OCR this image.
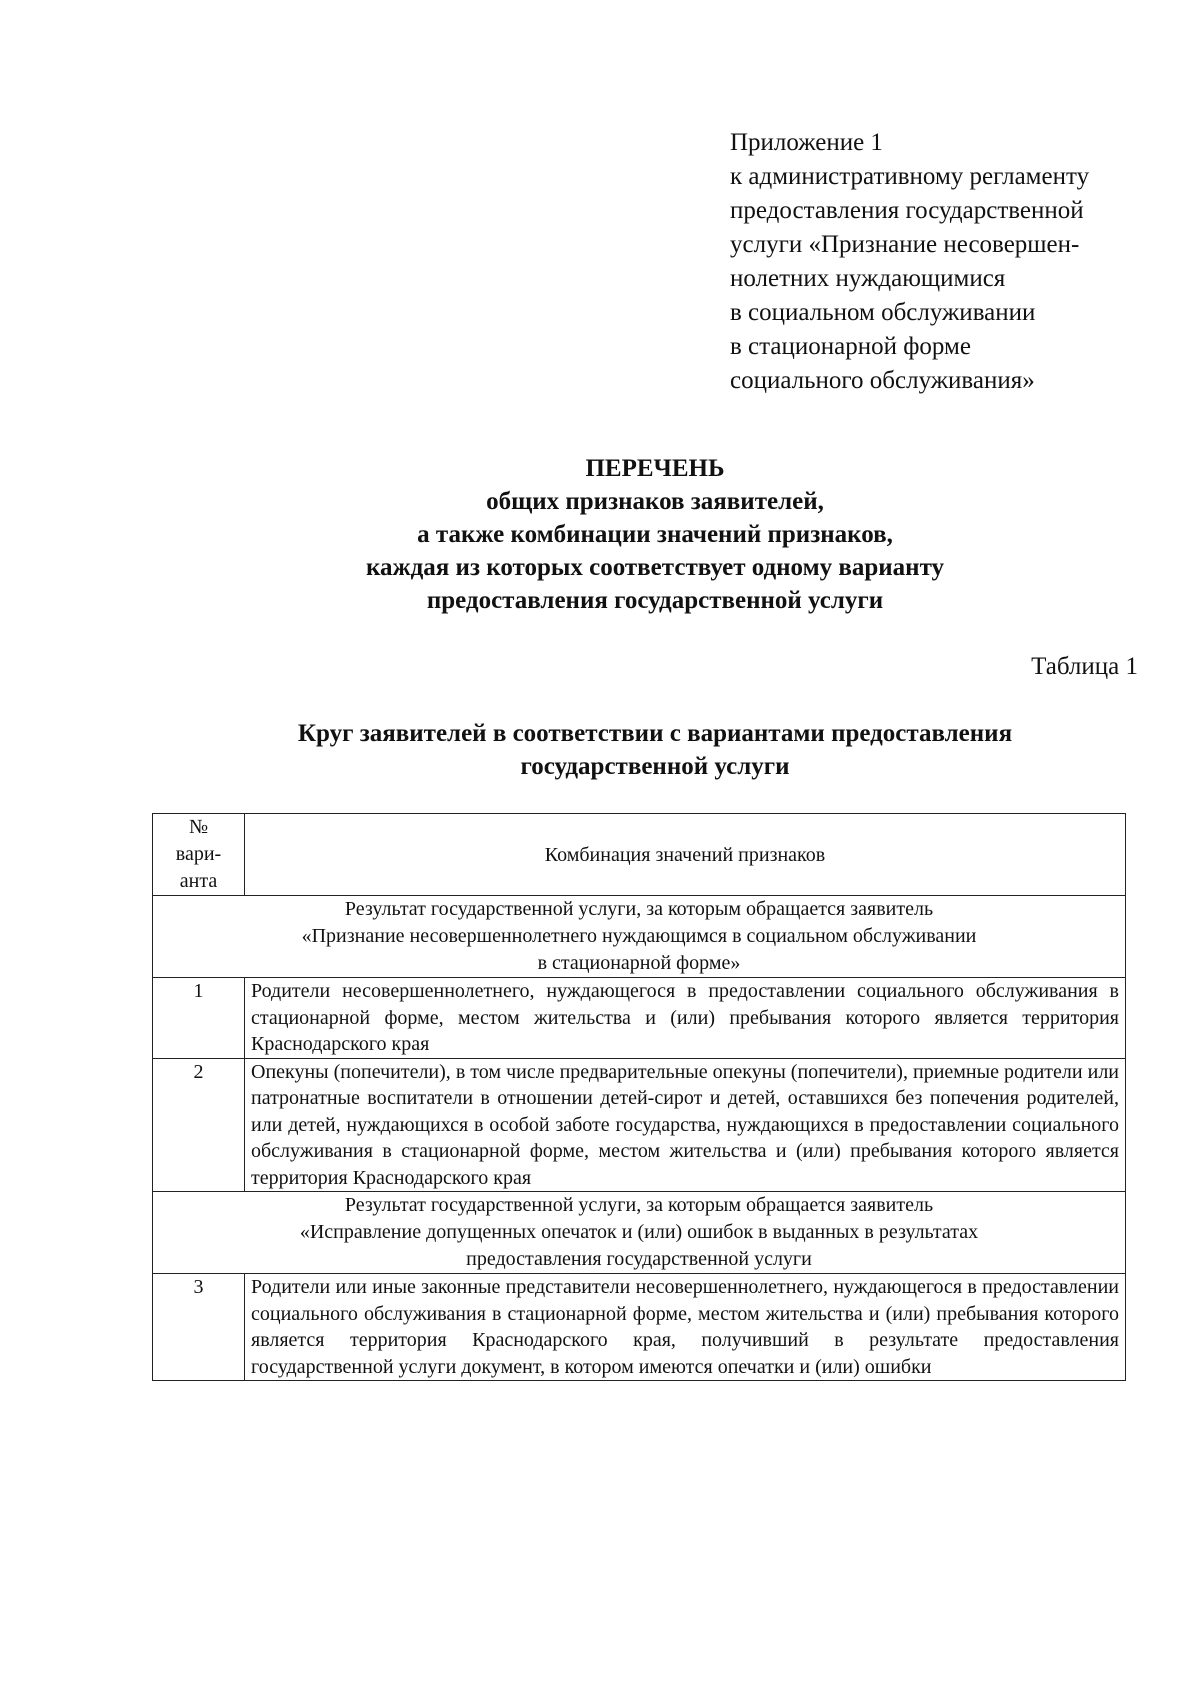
Приложение 1
к административному регламенту
предоставления государственной
услуги «Признание несовершен-
нолетних нуждающимися
в социальном обслуживании
в стационарной форме
социального обслуживания»
ПЕРЕЧЕНЬ
общих признаков заявителей,
а также комбинации значений признаков,
каждая из которых соответствует одному варианту
предоставления государственной услуги
Таблица 1
Круг заявителей в соответствии с вариантами предоставления
государственной услуги
№
вари-
анта	Комбинация значений признаков

Результат государственной услуги, за которым обращается заявитель
«Признание несовершеннолетнего нуждающимся в социальном обслуживании
в стационарной форме»	

1	Родители несовершеннолетнего, нуждающегося в предоставлении социального обслуживания в стационарной форме, местом жительства и (или) пребывания которого является территория Краснодарского края
2	Опекуны (попечители), в том числе предварительные опекуны (попечители), приемные родители или патронатные воспитатели в отношении детей-сирот и детей, оставшихся без попечения родителей, или детей, нуждающихся в особой заботе государства, нуждающихся в предоставлении социального обслуживания в стационарной форме, местом жительства и (или) пребывания которого является территория Краснодарского края

Результат государственной услуги, за которым обращается заявитель
«Исправление допущенных опечаток и (или) ошибок в выданных в результатах
предоставления государственной услуги	

3	Родители или иные законные представители несовершеннолетнего, нуждающегося в предоставлении социального обслуживания в стационарной форме, местом жительства и (или) пребывания которого является территория Краснодарского края, получивший в результате предоставления государственной услуги документ, в котором имеются опечатки и (или) ошибки
